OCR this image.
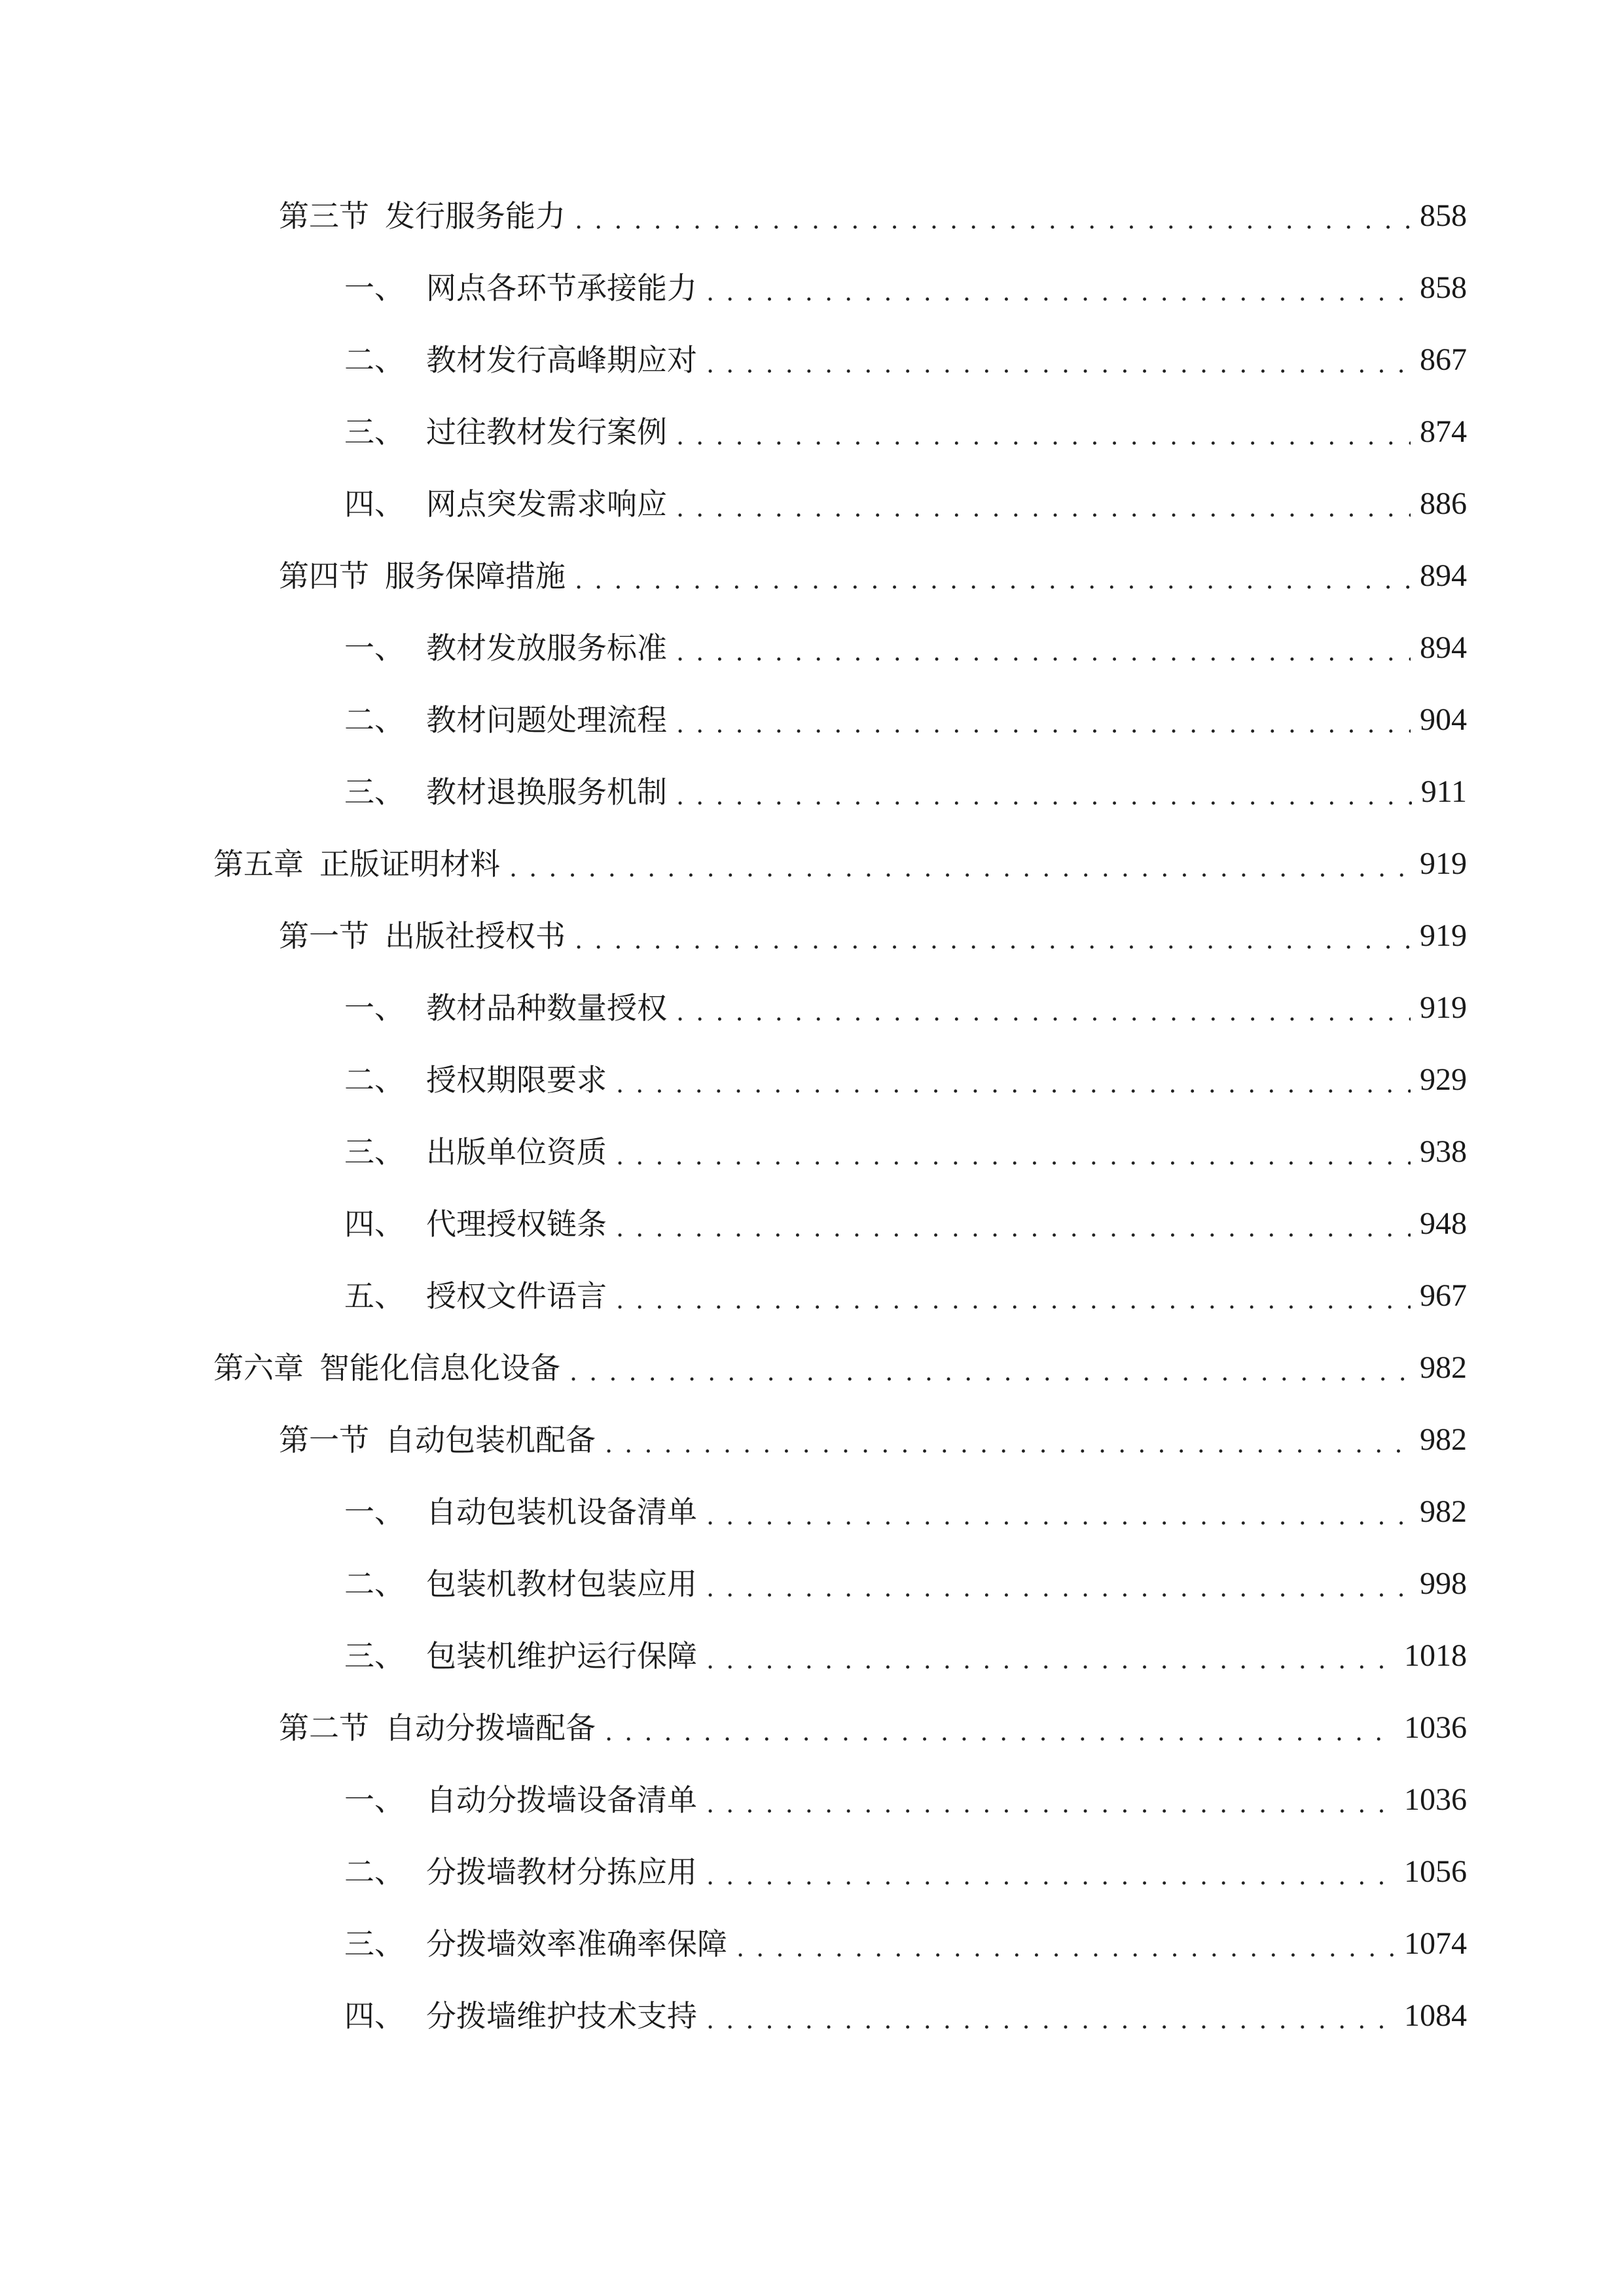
第三节 发行服务能力 . . .	858
一、 网点各环节承接能力 . . .	858
二、 教材发行高峰期应对 . . .	867
三、 过往教材发行案例 . . .	874
四、 网点突发需求响应 . . .	886
第四节 服务保障措施 . . .	894
一、 教材发放服务标准 . . .	894
二、 教材问题处理流程 . . .	904
三、 教材退换服务机制 . . .	911
第五章 正版证明材料 . . .	919
第一节 出版社授权书 . . .	919
一、 教材品种数量授权 . . .	919
二、 授权期限要求 . . .	929
三、 出版单位资质 . . .	938
四、 代理授权链条 . . .	948
五、 授权文件语言 . . .	967
第六章 智能化信息化设备 . . .	982
第一节 自动包装机配备 . . .	982
一、 自动包装机设备清单 . . .	982
二、 包装机教材包装应用 . . .	998
三、 包装机维护运行保障 . . .	1018
第二节 自动分拨墙配备 . . .	1036
一、 自动分拨墙设备清单 . . .	1036
二、 分拨墙教材分拣应用 . . .	1056
三、 分拨墙效率准确率保障 . . .	1074
四、 分拨墙维护技术支持 . . .	1084
